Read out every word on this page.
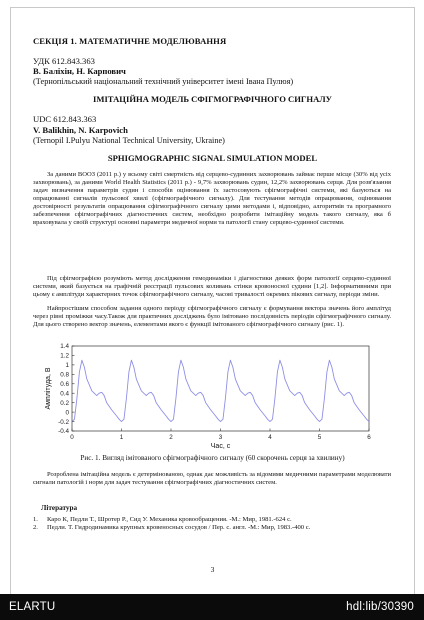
СЕКЦІЯ 1. МАТЕМАТИЧНЕ МОДЕЛЮВАННЯ
УДК 612.843.363
В. Баліхін, Н. Карпович
(Тернопільський національний технічний університет імені Івана Пулюя)
ІМІТАЦІЙНА МОДЕЛЬ СФІГМОГРАФІЧНОГО СИГНАЛУ
UDC 612.843.363
V. Balikhin, N. Karpovich
(Ternopil I.Pulyu National Technical University, Ukraine)
SPHIGMOGRAPHIC SIGNAL SIMULATION MODEL

За даними ВООЗ (2011 р.) у всьому світі смертність від серцево-судинних захворювань займає перше місце (30% від усіх захворювань), за даними World Health Statistics (2011 р.) - 9,7% захворювань судин, 12,2% захворювань серця. Для розв'язання задач визначення параметрів судин і способів оцінювання їх застосовують сфігмографічні системи, які базуються на опрацюванні сигналів пульсової хвилі (сфігмографічного сигналу). Для тестування методів опрацювання, оцінювання достовірності результатів опрацювання сфігмографічного сигналу цими методами і, відповідно, алгоритмів та програмного забезпечення сфігмографічних діагностичних систем, необхідно розробити імітаційну модель такого сигналу, яка б враховувала у своїй структурі основні параметри медичної норми та патології стану серцево-судинної системи.

Під сфігмографією розуміють метод дослідження гемодинаміки і діагностики деяких форм патології серцево-судинної системи, який базується на графічній реєстрації пульсових коливань стінки кровоносної судини [1,2]. Інформативними при цьому є амплітуди характерних точок сфігмографічного сигналу, часові тривалості окремих пікових сигналу, періоди зміни.

Найпростішим способом задання одного періоду сфігмографічного сигналу є формування вектора значень його амплітуд через рівні проміжки часу.Також для практичних досліджень було імітовано послідовність періодів сфігмографічного сигналу. Для цього створено вектор значень, елементами якого є функції імітованого сфігмографічного сигналу (рис. 1).

0	1	2	3	4	5	6
-0.4
-0.2
0
0.2
0.4
0.6
0.8
1
1.2
1.4
Час, с
Амплітуда, В
Рис. 1. Вигляд імітованого сфігмографічного сигналу (60 скорочень серця за хвилину)

Розроблена імітаційна модель є детермінованою, однак дає можливість за відомими медичними параметрами моделювати сигнали патологій і норм для задач тестування сфігмографічних діагностичних систем.

Література
1.	Каро К, Педли Т., Шротер Р., Сид У. Механика кровообращения. -М.: Мир, 1981.-624 с.
2.	Педли. Т. Гидродинамика крупных кровеносных сосудов / Пер. с. англ. -М.: Мир, 1983.-400 с.
3
ELARTU	hdl:lib/30390
